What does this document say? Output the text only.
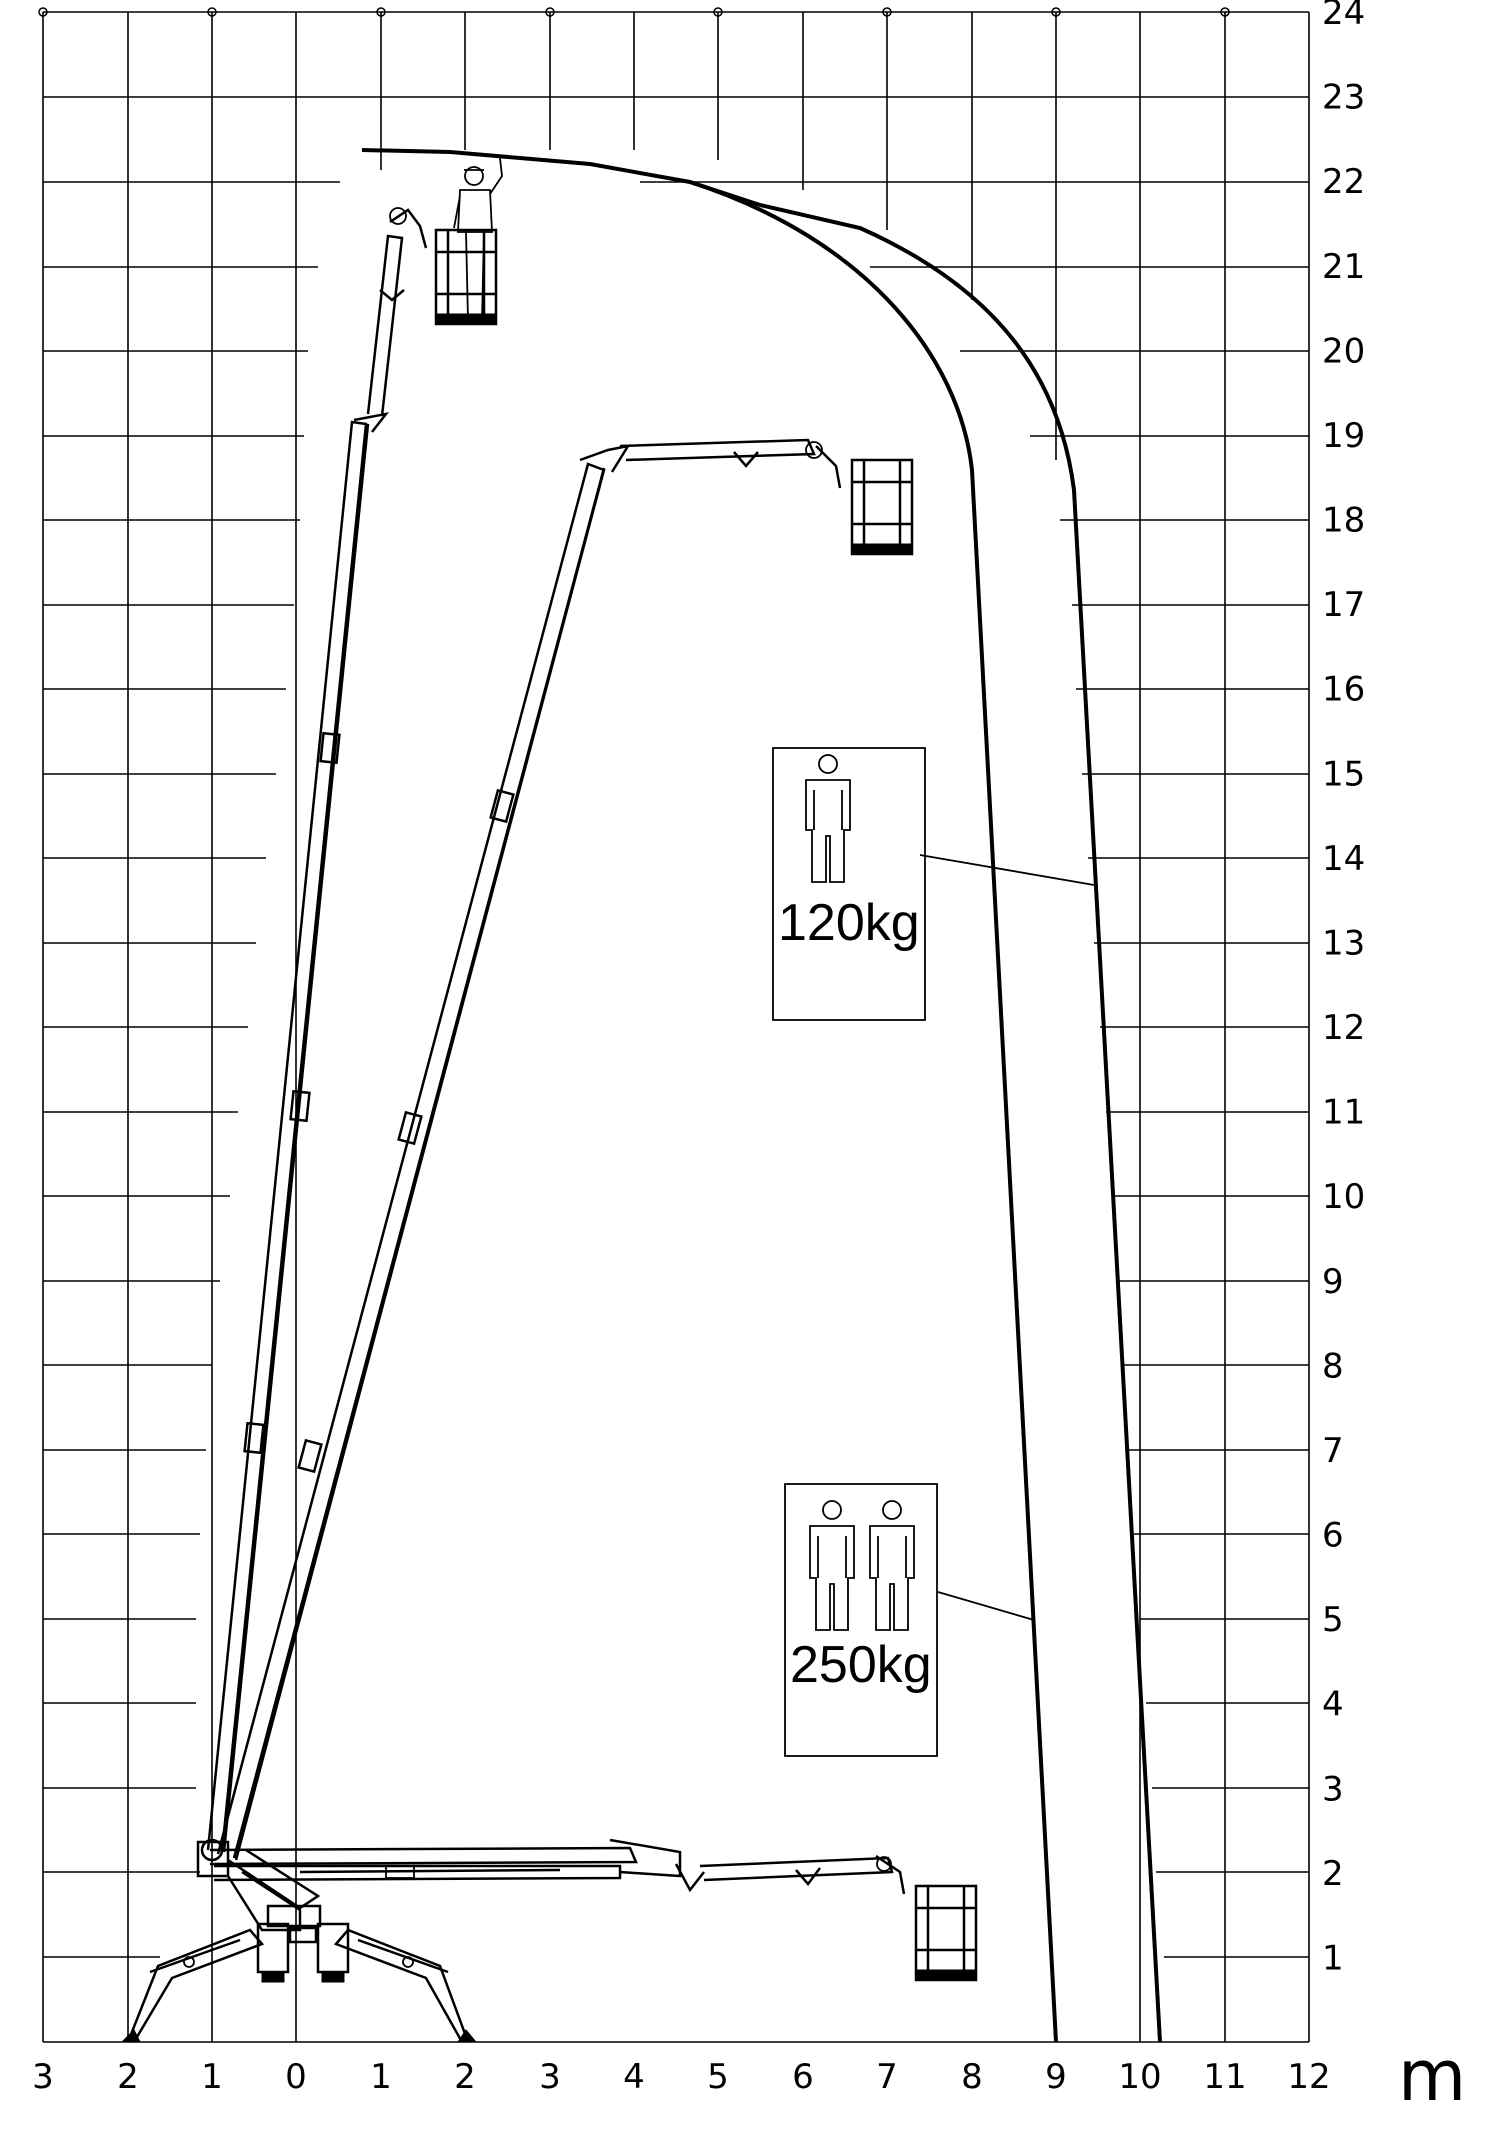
3 2 1 0 1 2 3 4 5 6 7 8 9 10 11 12
1
2
3
4
5
6
7
8
9
10
11
12
13
14
15
16
17
18
19
20
21
22
23
24
m
120kg
250kg
